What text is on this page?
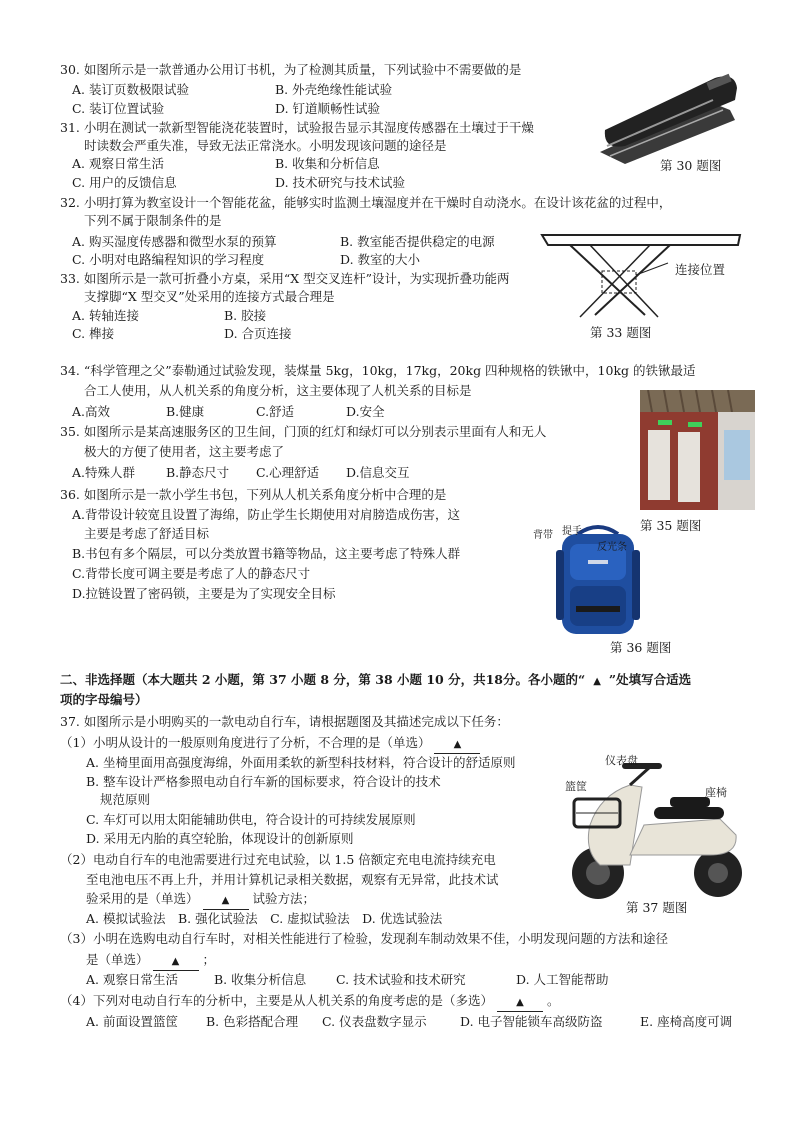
30. 如图所示是一款普通办公用订书机，为了检测其质量，下列试验中不需要做的是
A. 装订页数极限试验	B. 外壳绝缘性能试验
C. 装订位置试验	D. 钉道顺畅性试验
第 30 题图
31. 小明在测试一款新型智能浇花装置时，试验报告显示其湿度传感器在土壤过于干燥
时读数会严重失准，导致无法正常浇水。小明发现该问题的途径是
A. 观察日常生活	B. 收集和分析信息
C. 用户的反馈信息	D. 技术研究与技术试验
32. 小明打算为教室设计一个智能花盆，能够实时监测土壤湿度并在干燥时自动浇水。在设计该花盆的过程中，
下列不属于限制条件的是
A. 购买湿度传感器和微型水泵的预算	B. 教室能否提供稳定的电源
C. 小明对电路编程知识的学习程度	D. 教室的大小
33. 如图所示是一款可折叠小方桌，采用“X 型交叉连杆”设计，为实现折叠功能两
支撑脚“X 型交叉”处采用的连接方式最合理是
A. 转轴连接	B. 胶接
C. 榫接	D. 合页连接
连接位置
第 33 题图
34. “科学管理之父”泰勒通过试验发现，装煤量 5kg，10kg，17kg，20kg 四种规格的铁锹中，10kg 的铁锹最适
合工人使用，从人机关系的角度分析，这主要体现了人机关系的目标是
A.高效	B.健康	C.舒适	D.安全
35. 如图所示是某高速服务区的卫生间，门顶的红灯和绿灯可以分别表示里面有人和无人
极大的方便了使用者，这主要考虑了
A.特殊人群 B.静态尺寸 C.心理舒适 D.信息交互
第 35 题图
36. 如图所示是一款小学生书包，下列从人机关系角度分析中合理的是
A.背带设计较宽且设置了海绵，防止学生长期使用对肩膀造成伤害，这
主要是考虑了舒适目标
B.书包有多个隔层，可以分类放置书籍等物品，这主要考虑了特殊人群
C.背带长度可调主要是考虑了人的静态尺寸
D.拉链设置了密码锁，主要是为了实现安全目标
背带 提手
反光条
第 36 题图
二、非选择题（本大题共 2 小题，第 37 小题 8 分，第 38 小题 10 分，共18分。各小题的“ ▲ ”处填写合适选
项的字母编号）
37. 如图所示是小明购买的一款电动自行车，请根据题图及其描述完成以下任务：
（1）小明从设计的一般原则角度进行了分析，不合理的是（单选） ▲
A. 坐椅里面用高强度海绵，外面用柔软的新型科技材料，符合设计的舒适原则
B. 整车设计严格参照电动自行车新的国标要求，符合设计的技术
规范原则
C. 车灯可以用太阳能辅助供电，符合设计的可持续发展原则
D. 采用无内胎的真空轮胎，体现设计的创新原则
（2）电动自行车的电池需要进行过充电试验，以 1.5 倍额定充电电流持续充电
至电池电压不再上升，并用计算机记录相关数据，观察有无异常，此技术试
验采用的是（单选） ▲ 试验方法；
A. 模拟试验法　B. 强化试验法　C. 虚拟试验法　D. 优选试验法
（3）小明在选购电动自行车时，对相关性能进行了检验，发现刹车制动效果不佳，小明发现问题的方法和途径
是（单选） ▲ ；
A. 观察日常生活	B. 收集分析信息 C. 技术试验和技术研究	D. 人工智能帮助
（4）下列对电动自行车的分析中，主要是从人机关系的角度考虑的是（多选） ▲ 。
A. 前面设置篮筐 B. 色彩搭配合理 C. 仪表盘数字显示	D. 电子智能锁车高级防盗	E. 座椅高度可调
仪表盘
篮筐	座椅
第 37 题图
